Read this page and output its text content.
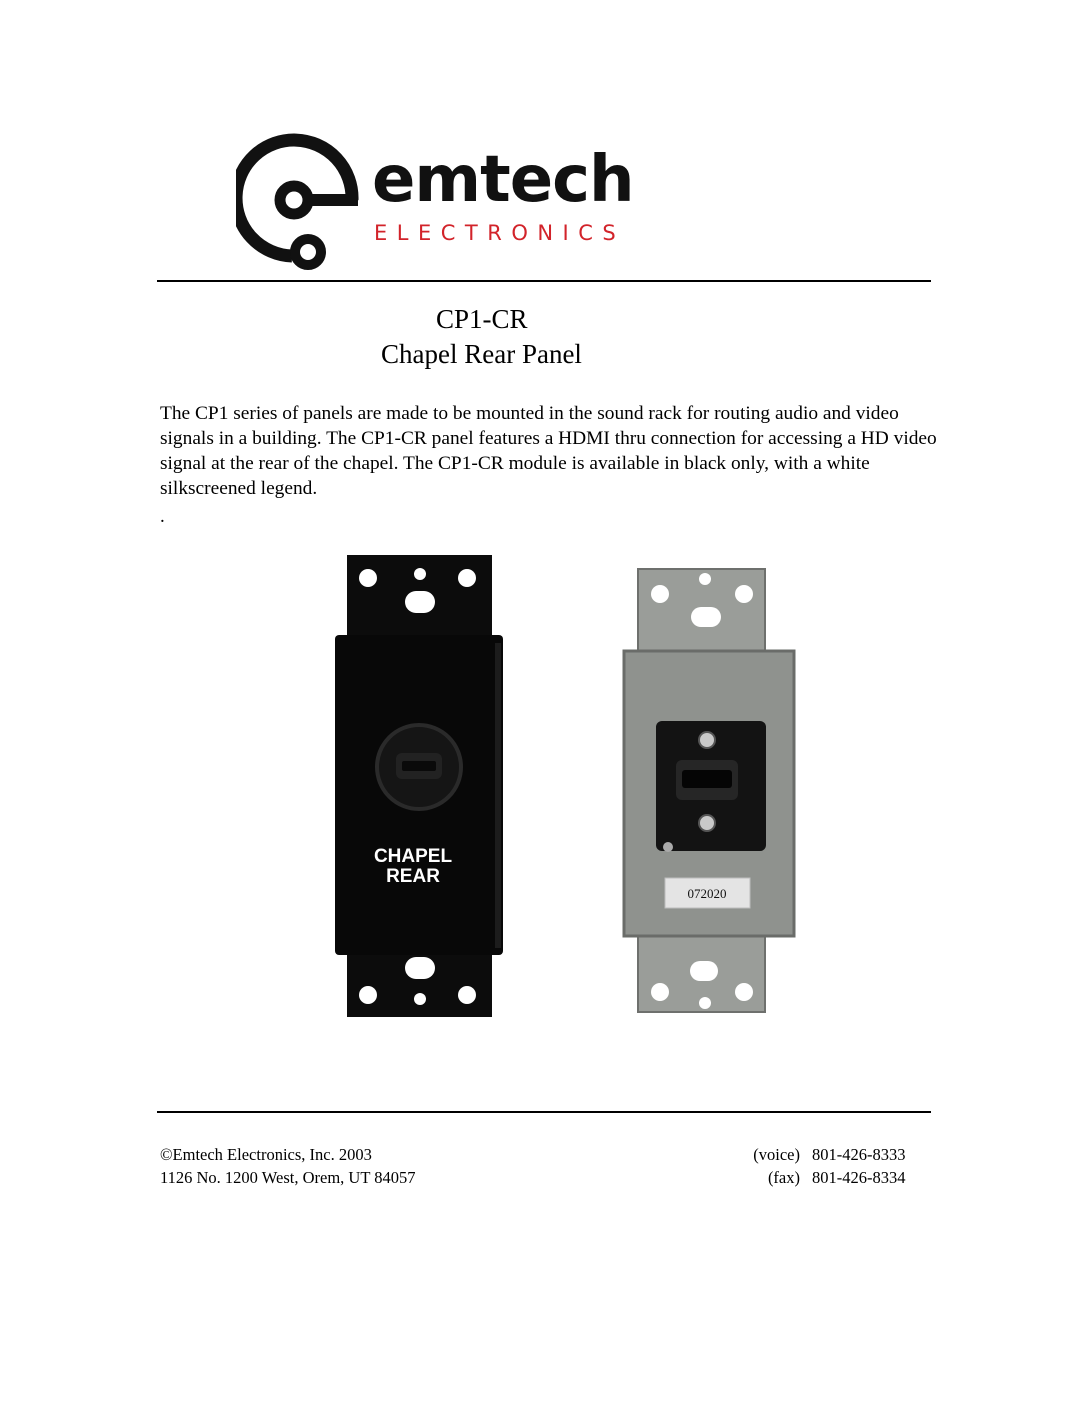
emtech
ELECTRONICS
CP1-CR
Chapel Rear Panel
The CP1 series of panels are made to be mounted in the sound rack for routing audio and video signals in a building. The CP1-CR panel features a HDMI thru connection for accessing a HD video signal at the rear of the chapel. The CP1-CR module is available in black only, with a white silkscreened legend.
.
CHAPEL
REAR
072020
©Emtech Electronics, Inc. 2003
1126 No. 1200 West, Orem, UT 84057
(voice) 801-426-8333
(fax) 801-426-8334
